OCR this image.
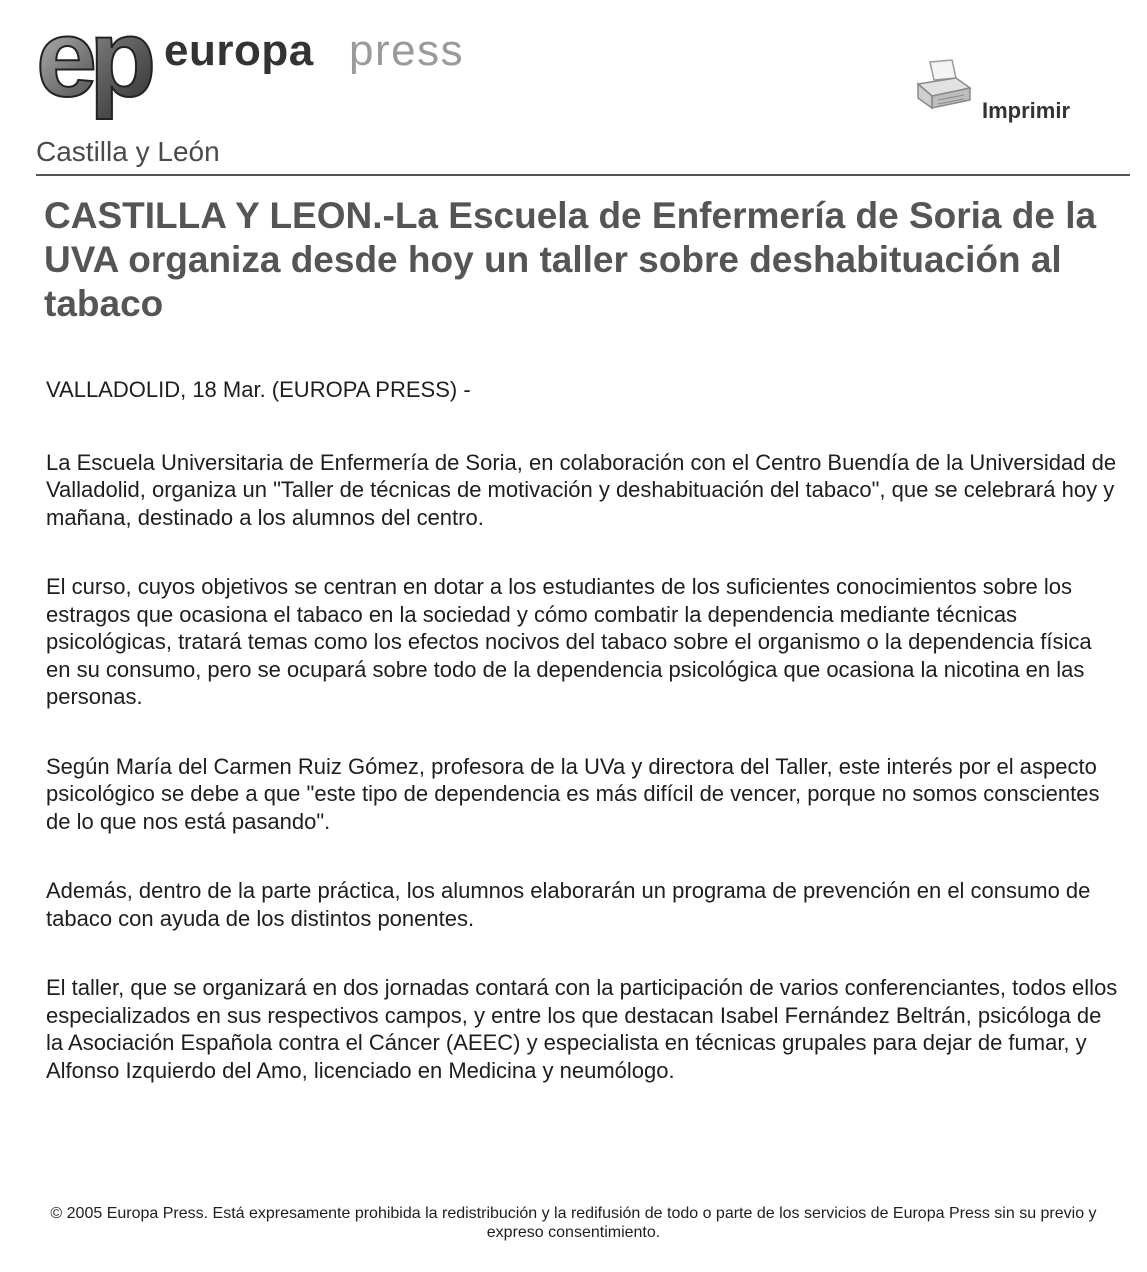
ep europa press
Imprimir
Castilla y León
CASTILLA Y LEON.-La Escuela de Enfermería de Soria de la UVA organiza desde hoy un taller sobre deshabituación al tabaco

VALLADOLID, 18 Mar. (EUROPA PRESS) -

La Escuela Universitaria de Enfermería de Soria, en colaboración con el Centro Buendía de la Universidad de Valladolid, organiza un "Taller de técnicas de motivación y deshabituación del tabaco", que se celebrará hoy y mañana, destinado a los alumnos del centro.

El curso, cuyos objetivos se centran en dotar a los estudiantes de los suficientes conocimientos sobre los estragos que ocasiona el tabaco en la sociedad y cómo combatir la dependencia mediante técnicas psicológicas, tratará temas como los efectos nocivos del tabaco sobre el organismo o la dependencia física en su consumo, pero se ocupará sobre todo de la dependencia psicológica que ocasiona la nicotina en las personas.

Según María del Carmen Ruiz Gómez, profesora de la UVa y directora del Taller, este interés por el aspecto psicológico se debe a que "este tipo de dependencia es más difícil de vencer, porque no somos conscientes de lo que nos está pasando".

Además, dentro de la parte práctica, los alumnos elaborarán un programa de prevención en el consumo de tabaco con ayuda de los distintos ponentes.

El taller, que se organizará en dos jornadas contará con la participación de varios conferenciantes, todos ellos especializados en sus respectivos campos, y entre los que destacan Isabel Fernández Beltrán, psicóloga de la Asociación Española contra el Cáncer (AEEC) y especialista en técnicas grupales para dejar de fumar, y Alfonso Izquierdo del Amo, licenciado en Medicina y neumólogo.

© 2005 Europa Press. Está expresamente prohibida la redistribución y la redifusión de todo o parte de los servicios de Europa Press sin su previo y expreso consentimiento.
